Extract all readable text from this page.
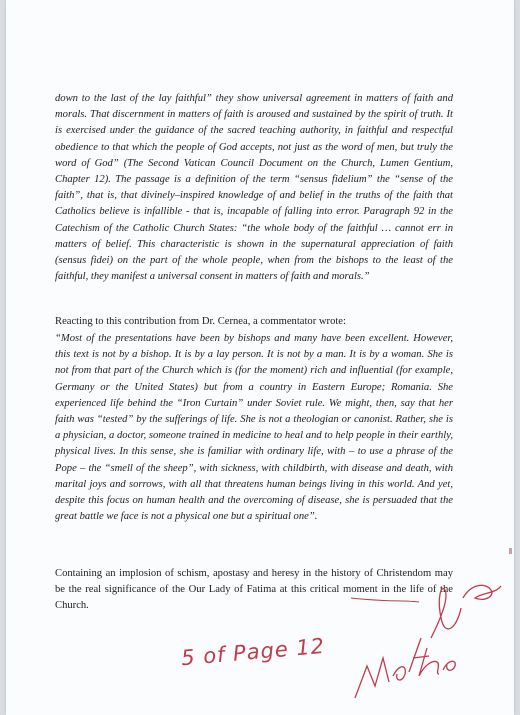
down to the last of the lay faithful” they show universal agreement in matters of faith and morals. That discernment in matters of faith is aroused and sustained by the spirit of truth. It is exercised under the guidance of the sacred teaching authority, in faithful and respectful obedience to that which the people of God accepts, not just as the word of men, but truly the word of God” (The Second Vatican Council Document on the Church, Lumen Gentium, Chapter 12). The passage is a definition of the term “sensus fidelium” the “sense of the faith”, that is, that divinely–inspired knowledge of and belief in the truths of the faith that Catholics believe is infallible - that is, incapable of falling into error. Paragraph 92 in the Catechism of the Catholic Church States: “the whole body of the faithful … cannot err in matters of belief. This characteristic is shown in the supernatural appreciation of faith (sensus fidei) on the part of the whole people, when from the bishops to the least of the faithful, they manifest a universal consent in matters of faith and morals.”

Reacting to this contribution from Dr. Cernea, a commentator wrote:

“Most of the presentations have been by bishops and many have been excellent. However, this text is not by a bishop. It is by a lay person. It is not by a man. It is by a woman. She is not from that part of the Church which is (for the moment) rich and influential (for example, Germany or the United States) but from a country in Eastern Europe; Romania. She experienced life behind the “Iron Curtain” under Soviet rule. We might, then, say that her faith was “tested” by the sufferings of life. She is not a theologian or canonist. Rather, she is a physician, a doctor, someone trained in medicine to heal and to help people in their earthly, physical lives. In this sense, she is familiar with ordinary life, with – to use a phrase of the Pope – the “smell of the sheep”, with sickness, with childbirth, with disease and death, with marital joys and sorrows, with all that threatens human beings living in this world. And yet, despite this focus on human health and the overcoming of disease, she is persuaded that the great battle we face is not a physical one but a spiritual one”.

Containing an implosion of schism, apostasy and heresy in the history of Christendom may be the real significance of the Our Lady of Fatima at this critical moment in the life of the Church.

5 of Page 12
